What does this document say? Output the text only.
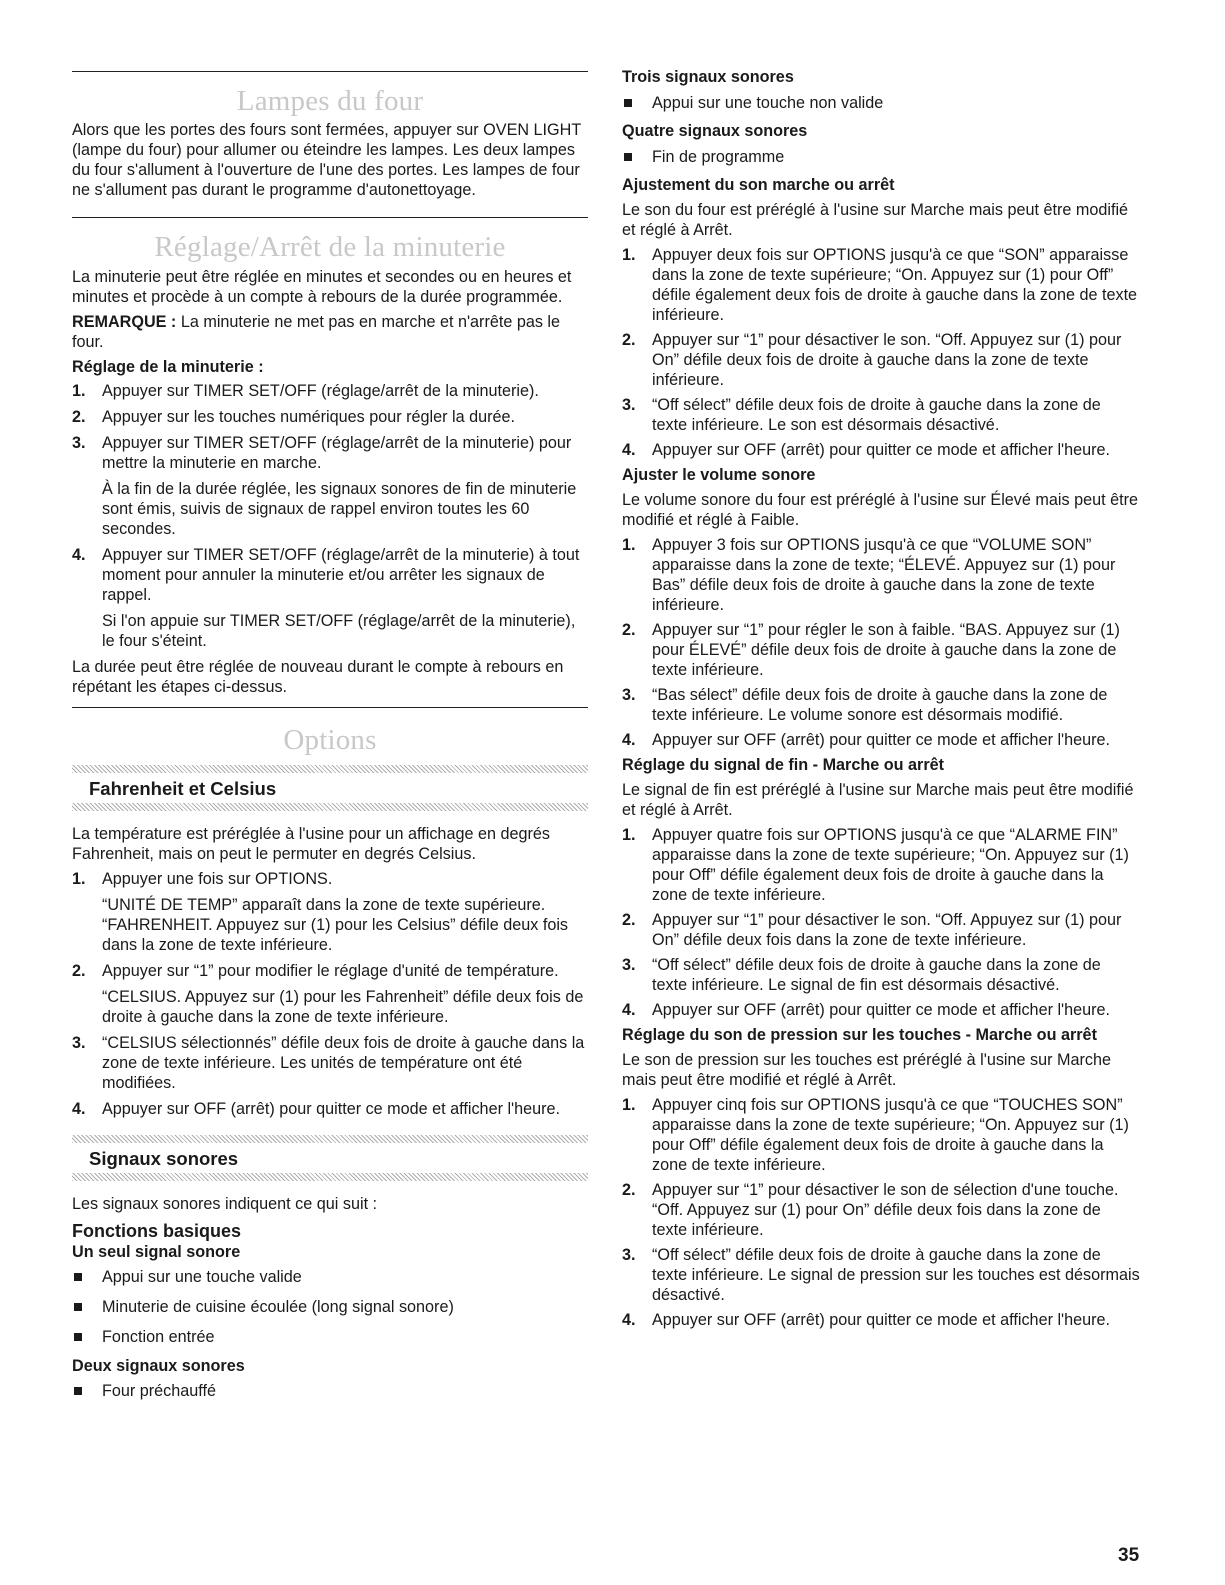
Lampes du four

Alors que les portes des fours sont fermées, appuyer sur OVEN LIGHT (lampe du four) pour allumer ou éteindre les lampes. Les deux lampes du four s'allument à l'ouverture de l'une des portes. Les lampes de four ne s'allument pas durant le programme d'autonettoyage.

Réglage/Arrêt de la minuterie

La minuterie peut être réglée en minutes et secondes ou en heures et minutes et procède à un compte à rebours de la durée programmée.

REMARQUE : La minuterie ne met pas en marche et n'arrête pas le four.

Réglage de la minuterie :
1. Appuyer sur TIMER SET/OFF (réglage/arrêt de la minuterie).
2. Appuyer sur les touches numériques pour régler la durée.
3. Appuyer sur TIMER SET/OFF (réglage/arrêt de la minuterie) pour mettre la minuterie en marche.
À la fin de la durée réglée, les signaux sonores de fin de minuterie sont émis, suivis de signaux de rappel environ toutes les 60 secondes.
4. Appuyer sur TIMER SET/OFF (réglage/arrêt de la minuterie) à tout moment pour annuler la minuterie et/ou arrêter les signaux de rappel.
Si l'on appuie sur TIMER SET/OFF (réglage/arrêt de la minuterie), le four s'éteint.

La durée peut être réglée de nouveau durant le compte à rebours en répétant les étapes ci-dessus.

Options
Fahrenheit et Celsius

La température est préréglée à l'usine pour un affichage en degrés Fahrenheit, mais on peut le permuter en degrés Celsius.

1. Appuyer une fois sur OPTIONS.
“UNITÉ DE TEMP” apparaît dans la zone de texte supérieure. “FAHRENHEIT. Appuyez sur (1) pour les Celsius” défile deux fois dans la zone de texte inférieure.
2. Appuyer sur “1” pour modifier le réglage d'unité de température.
“CELSIUS. Appuyez sur (1) pour les Fahrenheit” défile deux fois de droite à gauche dans la zone de texte inférieure.
3. “CELSIUS sélectionnés” défile deux fois de droite à gauche dans la zone de texte inférieure. Les unités de température ont été modifiées.
4. Appuyer sur OFF (arrêt) pour quitter ce mode et afficher l'heure.
Signaux sonores

Les signaux sonores indiquent ce qui suit :

Fonctions basiques
Un seul signal sonore
Appui sur une touche valide
Minuterie de cuisine écoulée (long signal sonore)
Fonction entrée
Deux signaux sonores
Four préchauffé
Trois signaux sonores
Appui sur une touche non valide
Quatre signaux sonores
Fin de programme
Ajustement du son marche ou arrêt

Le son du four est préréglé à l'usine sur Marche mais peut être modifié et réglé à Arrêt.

1. Appuyer deux fois sur OPTIONS jusqu'à ce que “SON” apparaisse dans la zone de texte supérieure; “On. Appuyez sur (1) pour Off” défile également deux fois de droite à gauche dans la zone de texte inférieure.
2. Appuyer sur “1” pour désactiver le son. “Off. Appuyez sur (1) pour On” défile deux fois de droite à gauche dans la zone de texte inférieure.
3. “Off sélect” défile deux fois de droite à gauche dans la zone de texte inférieure. Le son est désormais désactivé.
4. Appuyer sur OFF (arrêt) pour quitter ce mode et afficher l'heure.
Ajuster le volume sonore

Le volume sonore du four est préréglé à l'usine sur Élevé mais peut être modifié et réglé à Faible.

1. Appuyer 3 fois sur OPTIONS jusqu'à ce que “VOLUME SON” apparaisse dans la zone de texte; “ÉLEVÉ. Appuyez sur (1) pour Bas” défile deux fois de droite à gauche dans la zone de texte inférieure.
2. Appuyer sur “1” pour régler le son à faible. “BAS. Appuyez sur (1) pour ÉLEVÉ” défile deux fois de droite à gauche dans la zone de texte inférieure.
3. “Bas sélect” défile deux fois de droite à gauche dans la zone de texte inférieure. Le volume sonore est désormais modifié.
4. Appuyer sur OFF (arrêt) pour quitter ce mode et afficher l'heure.
Réglage du signal de fin - Marche ou arrêt

Le signal de fin est préréglé à l'usine sur Marche mais peut être modifié et réglé à Arrêt.

1. Appuyer quatre fois sur OPTIONS jusqu'à ce que “ALARME FIN” apparaisse dans la zone de texte supérieure; “On. Appuyez sur (1) pour Off” défile également deux fois de droite à gauche dans la zone de texte inférieure.
2. Appuyer sur “1” pour désactiver le son. “Off. Appuyez sur (1) pour On” défile deux fois dans la zone de texte inférieure.
3. “Off sélect” défile deux fois de droite à gauche dans la zone de texte inférieure. Le signal de fin est désormais désactivé.
4. Appuyer sur OFF (arrêt) pour quitter ce mode et afficher l'heure.
Réglage du son de pression sur les touches - Marche ou arrêt

Le son de pression sur les touches est préréglé à l'usine sur Marche mais peut être modifié et réglé à Arrêt.

1. Appuyer cinq fois sur OPTIONS jusqu'à ce que “TOUCHES SON” apparaisse dans la zone de texte supérieure; “On. Appuyez sur (1) pour Off” défile également deux fois de droite à gauche dans la zone de texte inférieure.
2. Appuyer sur “1” pour désactiver le son de sélection d'une touche. “Off. Appuyez sur (1) pour On” défile deux fois dans la zone de texte inférieure.
3. “Off sélect” défile deux fois de droite à gauche dans la zone de texte inférieure. Le signal de pression sur les touches est désormais désactivé.
4. Appuyer sur OFF (arrêt) pour quitter ce mode et afficher l'heure.
35
